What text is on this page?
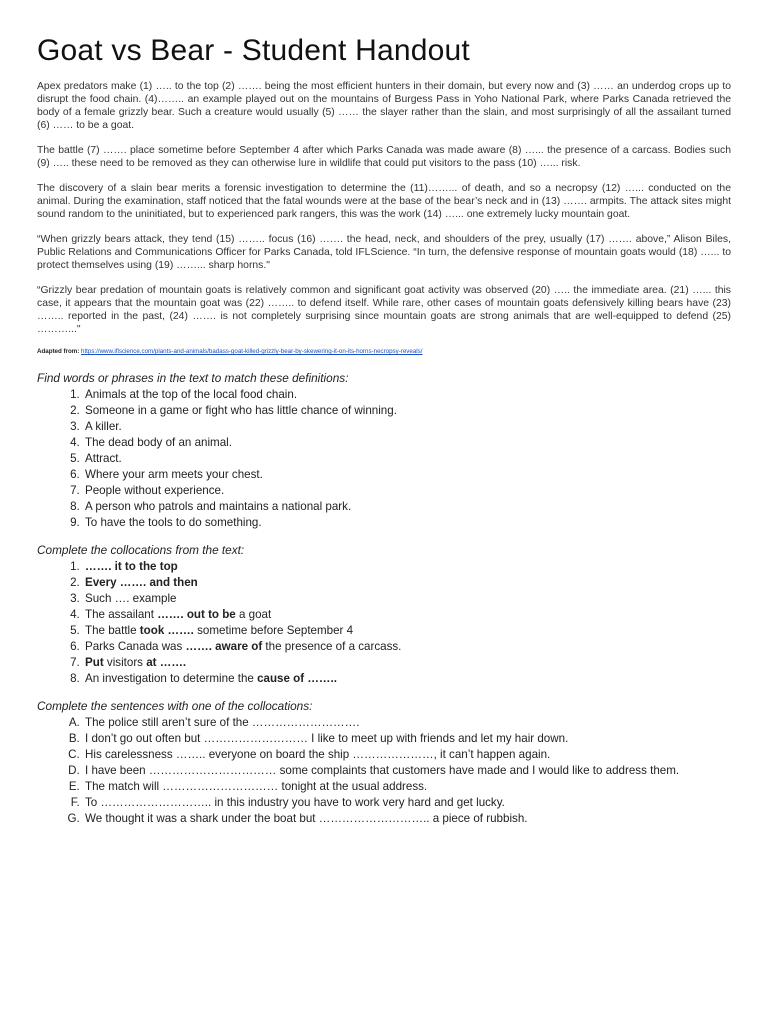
Goat vs Bear - Student Handout

Apex predators make (1) ….. to the top (2) ……. being the most efficient hunters in their domain, but every now and (3) …… an underdog crops up to disrupt the food chain. (4)…….. an example played out on the mountains of Burgess Pass in Yoho National Park, where Parks Canada retrieved the body of a female grizzly bear. Such a creature would usually (5) …… the slayer rather than the slain, and most surprisingly of all the assailant turned (6) …… to be a goat.

The battle (7) ……. place sometime before September 4 after which Parks Canada was made aware (8) …... the presence of a carcass. Bodies such (9) ….. these need to be removed as they can otherwise lure in wildlife that could put visitors to the pass (10) …... risk.

The discovery of a slain bear merits a forensic investigation to determine the (11)……... of death, and so a necropsy (12) …... conducted on the animal. During the examination, staff noticed that the fatal wounds were at the base of the bear’s neck and in (13) ……. armpits. The attack sites might sound random to the uninitiated, but to experienced park rangers, this was the work (14) …... one extremely lucky mountain goat.

“When grizzly bears attack, they tend (15) …….. focus (16) ……. the head, neck, and shoulders of the prey, usually (17) ……. above,” Alison Biles, Public Relations and Communications Officer for Parks Canada, told IFLScience. “In turn, the defensive response of mountain goats would (18) …... to protect themselves using (19) ……... sharp horns."

“Grizzly bear predation of mountain goats is relatively common and significant goat activity was observed (20) ….. the immediate area. (21) …... this case, it appears that the mountain goat was (22) …….. to defend itself. While rare, other cases of mountain goats defensively killing bears have (23) …….. reported in the past, (24) ……. is not completely surprising since mountain goats are strong animals that are well-equipped to defend (25) ………..."

Adapted from: https://www.iflscience.com/plants-and-animals/badass-goat-killed-grizzly-bear-by-skewering-it-on-its-horns-necropsy-reveals/
Find words or phrases in the text to match these definitions:
1. Animals at the top of the local food chain.
2. Someone in a game or fight who has little chance of winning.
3. A killer.
4. The dead body of an animal.
5. Attract.
6. Where your arm meets your chest.
7. People without experience.
8. A person who patrols and maintains a national park.
9. To have the tools to do something.
Complete the collocations from the text:
1. ……. it to the top
2. Every ……. and then
3. Such …. example
4. The assailant ……. out to be a goat
5. The battle took ……. sometime before September 4
6. Parks Canada was ……. aware of the presence of a carcass.
7. Put visitors at …….
8. An investigation to determine the cause of ……..
Complete the sentences with one of the collocations:
A. The police still aren’t sure of the ……………………….
B. I don’t go out often but ……………………… I like to meet up with friends and let my hair down.
C. His carelessness …….. everyone on board the ship …………………, it can’t happen again.
D. I have been …………………………… some complaints that customers have made and I would like to address them.
E. The match will ………………………… tonight at the usual address.
F. To ……………………….. in this industry you have to work very hard and get lucky.
G. We thought it was a shark under the boat but ……………………….. a piece of rubbish.
